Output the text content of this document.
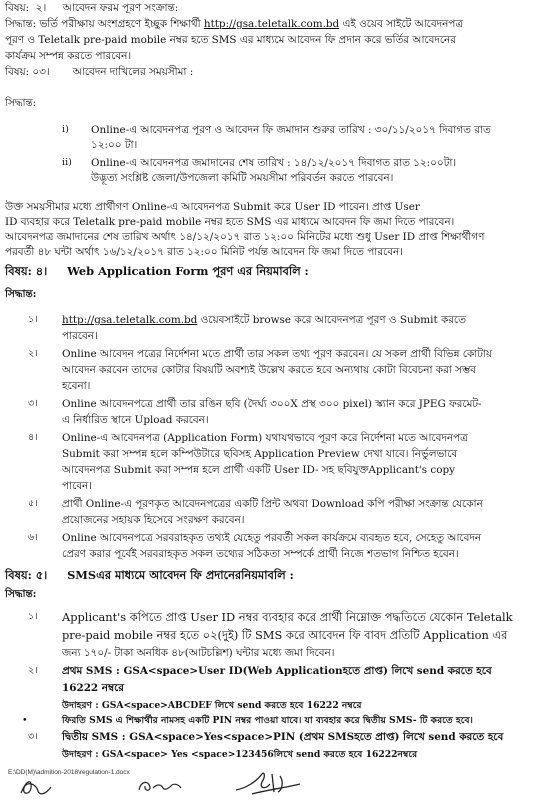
বিষয়: ২। আবেদন ফরম পূরণ সংক্রান্ত:
সিদ্ধান্ত: ভর্তি পরীক্ষায় অংশগ্রহণে ইচ্ছুক শিক্ষার্থী http://gsa.teletalk.com.bd এই ওয়েব সাইটে আবেদনপত্র
পূরণ ও Teletalk pre-paid mobile নম্বর হতে SMS এর মাধ্যমে আবেদন ফি প্রদান করে ভর্তির আবেদনের
কার্যক্রম সম্পন্ন করতে পারবেন।
বিষয়: ০৩। আবেদন দাখিলের সময়সীমা :
সিদ্ধান্ত:
i) Online-এ আবেদনপত্র পূরণ ও আবেদন ফি জমাদান শুরুর তারিখ : ৩০/১১/২০১৭ দিবাগত রাত
১২:০০ টা।
ii) Online-এ আবেদনপত্র জমাদানের শেষ তারিখ : ১৪/১২/২০১৭ দিবাগত রাত ১২:০০টা।
উদ্ভূত্য সংশ্লিষ্ট জেলা/উপজেলা কমিটি সময়সীমা পরিবর্তন করতে পারবেন।
উক্ত সময়সীমার মধ্যে প্রার্থীগণ Online-এ আবেদনপত্র Submit করে User ID পাবেন। প্রাপ্ত User
ID ব্যবহার করে Teletalk pre-paid mobile নম্বর হতে SMS এর মাধ্যমে আবেদন ফি জমা দিতে পারবেন।
আবেদনপত্র জমাদানের শেষ তারিখ অর্থাৎ ১৪/১২/২০১৭ রাত ১২:০০ মিনিটের মধ্যে শুধু User ID প্রাপ্ত শিক্ষার্থীগণ
পরবর্তী ৪৮ ঘন্টা অর্থাৎ ১৬/১২/২০১৭ রাত ১২:০০ মিনিট পর্যন্ত আবেদন ফি জমা দিতে পারবেন।
বিষয়: ৪। Web Application Form পূরণ এর নিয়মাবলি :
সিদ্ধান্ত:
১। http://gsa.teletalk.com.bd ওয়েবসাইটে browse করে আবেদনপত্র পূরণ ও Submit করতে
পারবেন।
২। Online আবেদন পত্রের নির্দেশনা মতে প্রার্থী তার সকল তথ্য পূরণ করবেন। যে সকল প্রার্থী বিভিন্ন কোটায়
আবেদন করবেন তাদের কোটার বিষয়টি অবশ্যই উল্লেখ করতে হবে অন্যথায় কোটা বিবেচনা করা সম্ভব
হবেনা।
৩। Online আবেদনপত্রে প্রার্থী তার রঙিন ছবি (দৈর্ঘ্য ৩০০X প্রস্থ ৩০০ pixel) স্ক্যান করে JPEG ফরমেট-
এ নির্ধারিত স্থানে Upload করবেন।
৪। Online-এ আবেদনপত্র (Application Form) যথাযথভাবে পূরণ করে নির্দেশনা মতে আবেদনপত্র
Submit করা সম্পন্ন হলে কম্পিউটারে ছবিসহ Application Preview দেখা যাবে। নির্ভুলভাবে
আবেদনপত্র Submit করা সম্পন্ন হলে প্রার্থী একটি User ID- সহ ছবিযুক্তApplicant's copy
পাবেন।
৫। প্রার্থী Online-এ পূরণকৃত আবেদনপত্রের একটি প্রিন্ট অথবা Download কপি পরীক্ষা সংক্রান্ত যেকোন
প্রয়োজনের সহায়ক হিসেবে সংরক্ষণ করবেন।
৬। Online আবেদনপত্রে সরবরাহকৃত তথ্যই যেহেতু পরবর্তী সকল কার্যক্রমে ব্যবহৃত হবে, সেহেতু আবেদন
প্রেরণ করার পূর্বেই সরবরাহকৃত সকল তথ্যের সঠিকতা সম্পর্কে প্রার্থী নিজে শতভাগ নিশ্চিত হবেন।
বিষয়: ৫। SMSএর মাধ্যমে আবেদন ফি প্রদানেরনিয়মাবলি :
সিদ্ধান্ত:
১। Applicant's কপিতে প্রাপ্ত User ID নম্বর ব্যবহার করে প্রার্থী নিম্নোক্ত পদ্ধতিতে যেকোন Teletalk
pre-paid mobile নম্বর হতে ০২(দুই) টি SMS করে আবেদন ফি বাবদ প্রতিটি Application এর
জন্য ১৭০/- টাকা অনধিক ৪৮(আটচল্লিশ) ঘন্টার মধ্যে জমা দিবেন।
২। প্রথম SMS : GSA<space>User ID(Web Applicationহতে প্রাপ্ত) লিখে send করতে হবে
16222 নম্বরে
উদাহরণ : GSA<space>ABCDEF লিখে send করতে হবে 16222 নম্বরে
•	ফিরতি SMS এ শিক্ষার্থীর নামসহ একটি PIN নম্বর পাওয়া যাবে। যা ব্যবহার করে দ্বিতীয় SMS- টি করতে হবে।
৩। দ্বিতীয় SMS : GSA<space>Yes<space>PIN (প্রথম SMSহতে প্রাপ্ত) লিখে send করতে হবে
উদাহরণ : GSA<space> Yes <space>123456লিখে send করতে হবে 16222নম্বরে
E:\DD(M)\admition-2018\regulation-1.docx
